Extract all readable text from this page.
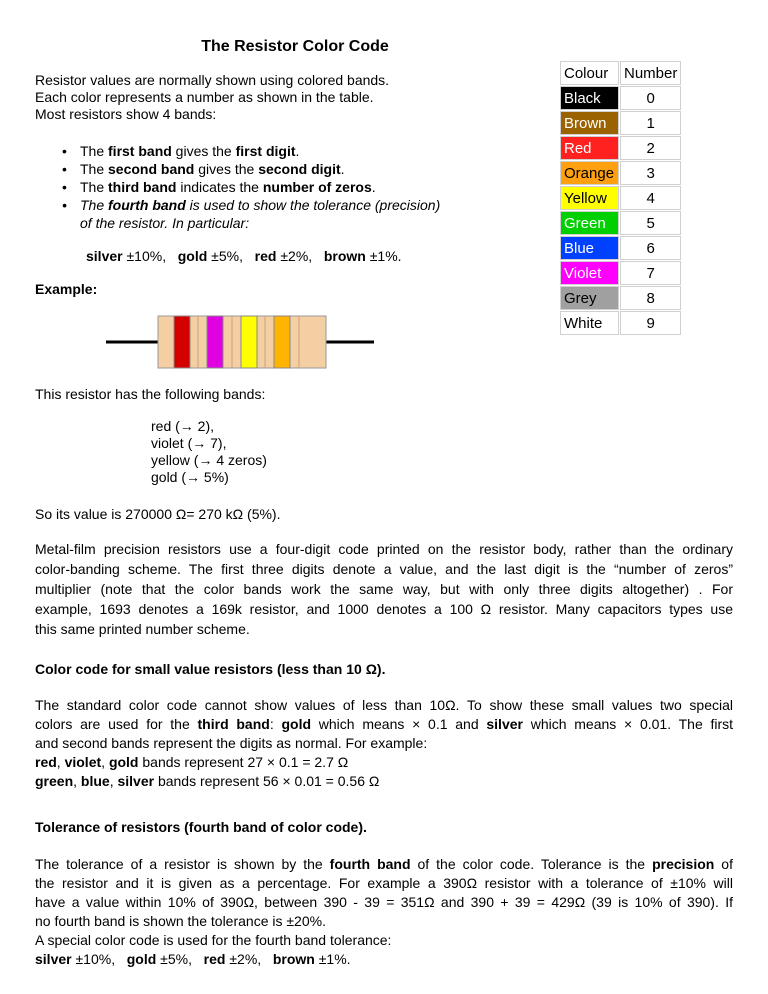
The Resistor Color Code
Resistor values are normally shown using colored bands.
Each color represents a number as shown in the table.
Most resistors show 4 bands:
• The first band gives the first digit.
• The second band gives the second digit.
• The third band indicates the number of zeros.
• The fourth band is used to show the tolerance (precision)
of the resistor. In particular:
silver ±10%, gold ±5%, red ±2%, brown ±1%.
Example:
Colour	Number
Black	0
Brown	1
Red	2
Orange	3
Yellow	4
Green	5
Blue	6
Violet	7
Grey	8
White	9
This resistor has the following bands:
red (→ 2),
violet (→ 7),
yellow (→ 4 zeros)
gold (→ 5%)
So its value is 270000 Ω= 270 kΩ (5%).
Metal-film precision resistors use a four-digit code printed on the resistor body, rather than the ordinary
color-banding scheme. The first three digits denote a value, and the last digit is the “number of zeros”
multiplier (note that the color bands work the same way, but with only three digits altogether) . For
example, 1693 denotes a 169k resistor, and 1000 denotes a 100 Ω resistor. Many capacitors types use
this same printed number scheme.
Color code for small value resistors (less than 10 Ω).
The standard color code cannot show values of less than 10Ω. To show these small values two special
colors are used for the third band: gold which means × 0.1 and silver which means × 0.01. The first
and second bands represent the digits as normal. For example:
red, violet, gold bands represent 27 × 0.1 = 2.7 Ω
green, blue, silver bands represent 56 × 0.01 = 0.56 Ω
Tolerance of resistors (fourth band of color code).
The tolerance of a resistor is shown by the fourth band of the color code. Tolerance is the precision of
the resistor and it is given as a percentage. For example a 390Ω resistor with a tolerance of ±10% will
have a value within 10% of 390Ω, between 390 - 39 = 351Ω and 390 + 39 = 429Ω (39 is 10% of 390). If
no fourth band is shown the tolerance is ±20%.
A special color code is used for the fourth band tolerance:
silver ±10%, gold ±5%, red ±2%, brown ±1%.
